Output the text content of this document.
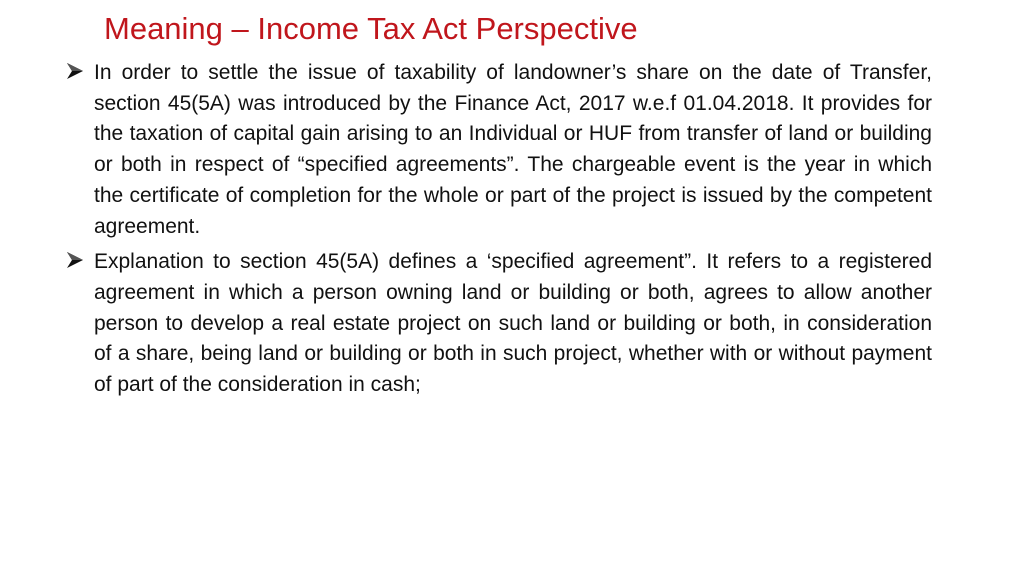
Meaning – Income Tax Act Perspective

In order to settle the issue of taxability of landowner’s share on the date of Transfer, section 45(5A) was introduced by the Finance Act, 2017 w.e.f 01.04.2018. It provides for the taxation of capital gain arising to an Individual or HUF from transfer of land or building or both in respect of “specified agreements”. The chargeable event is the year in which the certificate of completion for the whole or part of the project is issued by the competent agreement.

Explanation to section 45(5A) defines a ‘specified agreement”. It refers to a registered agreement in which a person owning land or building or both, agrees to allow another person to develop a real estate project on such land or building or both, in consideration of a share, being land or building or both in such project, whether with or without payment of part of the consideration in cash;
